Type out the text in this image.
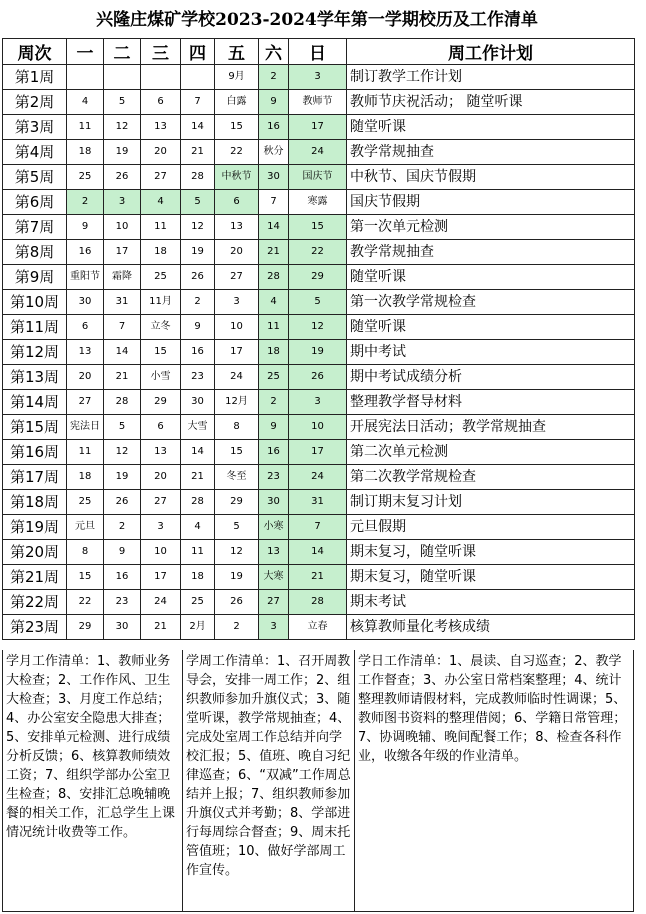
兴隆庄煤矿学校2023-2024学年第一学期校历及工作清单
周次	一	二	三	四	五	六	日	周工作计划
第1周					9月	2	3	制订教学工作计划
第2周	4	5	6	7	白露	9	教师节	教师节庆祝活动； 随堂听课
第3周	11	12	13	14	15	16	17	随堂听课
第4周	18	19	20	21	22	秋分	24	教学常规抽查
第5周	25	26	27	28	中秋节	30	国庆节	中秋节、国庆节假期
第6周	2	3	4	5	6	7	寒露	国庆节假期
第7周	9	10	11	12	13	14	15	第一次单元检测
第8周	16	17	18	19	20	21	22	教学常规抽查
第9周	重阳节	霜降	25	26	27	28	29	随堂听课
第10周	30	31	11月	2	3	4	5	第一次教学常规检查
第11周	6	7	立冬	9	10	11	12	随堂听课
第12周	13	14	15	16	17	18	19	期中考试
第13周	20	21	小雪	23	24	25	26	期中考试成绩分析
第14周	27	28	29	30	12月	2	3	整理教学督导材料
第15周	宪法日	5	6	大雪	8	9	10	开展宪法日活动；教学常规抽查
第16周	11	12	13	14	15	16	17	第二次单元检测
第17周	18	19	20	21	冬至	23	24	第二次教学常规检查
第18周	25	26	27	28	29	30	31	制订期末复习计划
第19周	元旦	2	3	4	5	小寒	7	元旦假期
第20周	8	9	10	11	12	13	14	期末复习，随堂听课
第21周	15	16	17	18	19	大寒	21	期末复习，随堂听课
第22周	22	23	24	25	26	27	28	期末考试
第23周	29	30	21	2月	2	3	立春	核算教师量化考核成绩
学月工作清单：1、教师业务大检查；2、工作作风、卫生大检查；3、月度工作总结；4、办公室安全隐患大排查；5、安排单元检测、进行成绩分析反馈；6、核算教师绩效工资；7、组织学部办公室卫生检查；8、安排汇总晚辅晚餐的相关工作，汇总学生上课情况统计收费等工作。
学周工作清单：1、召开周教导会，安排一周工作；2、组织教师参加升旗仪式；3、随堂听课，教学常规抽查；4、完成处室周工作总结并向学校汇报；5、值班、晚自习纪律巡查；6、“双减”工作周总结并上报；7、组织教师参加升旗仪式并考勤；8、学部进行每周综合督查；9、周末托管值班；10、做好学部周工作宣传。
学日工作清单：1、晨读、自习巡查；2、教学工作督查；3、办公室日常档案整理；4、统计整理教师请假材料，完成教师临时性调课；5、教师图书资料的整理借阅；6、学籍日常管理；7、协调晚辅、晚间配餐工作；8、检查各科作业，收缴各年级的作业清单。
